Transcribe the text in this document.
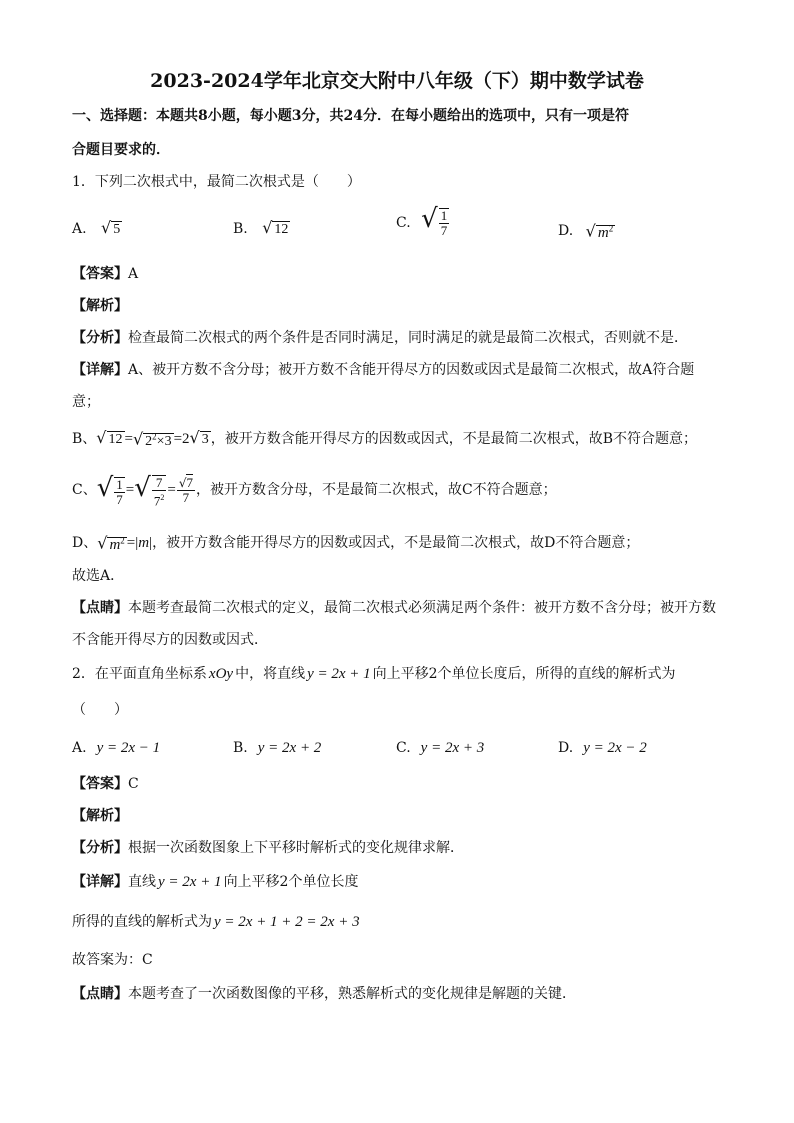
2023-2024学年北京交大附中八年级（下）期中数学试卷
一、选择题：本题共8小题，每小题3分，共24分．在每小题给出的选项中，只有一项是符
合题目要求的．
1．下列二次根式中，最简二次根式是（　　）
A. √ 5	B. √ 12	C. √ $\frac{1}{7}$	D. √ $m^2$
【答案】A
【解析】
【分析】检查最简二次根式的两个条件是否同时满足，同时满足的就是最简二次根式，否则就不是．
【详解】A、被开方数不含分母；被开方数不含能开得尽方的因数或因式是最简二次根式，故A符合题
意；
B、√ 12 =√ $2^2\times 3 =2√$ 3 ，被开方数含能开得尽方的因数或因式，不是最简二次根式，故B不符合题意；
C、√ $\frac{1}{7}$ =√ $\frac{7}{7^2} = \frac{√7}{7}$ ，被开方数含分母，不是最简二次根式，故C不符合题意；
D、√ $m^2 =|m|$，被开方数含能开得尽方的因数或因式，不是最简二次根式，故D不符合题意；
故选A．
【点睛】本题考查最简二次根式的定义，最简二次根式必须满足两个条件：被开方数不含分母；被开方数
不含能开得尽方的因数或因式．
2．在平面直角坐标系 xOy 中，将直线 y = 2x + 1 向上平移2个单位长度后，所得的直线的解析式为
（　　）
A. y = 2x − 1	B. y = 2x + 2	C. y = 2x + 3	D. y = 2x − 2
【答案】C
【解析】
【分析】根据一次函数图象上下平移时解析式的变化规律求解．
【详解】直线 y = 2x + 1 向上平移2个单位长度
所得的直线的解析式为 y = 2x + 1 + 2 = 2x + 3
故答案为：C
【点睛】本题考查了一次函数图像的平移，熟悉解析式的变化规律是解题的关键．
